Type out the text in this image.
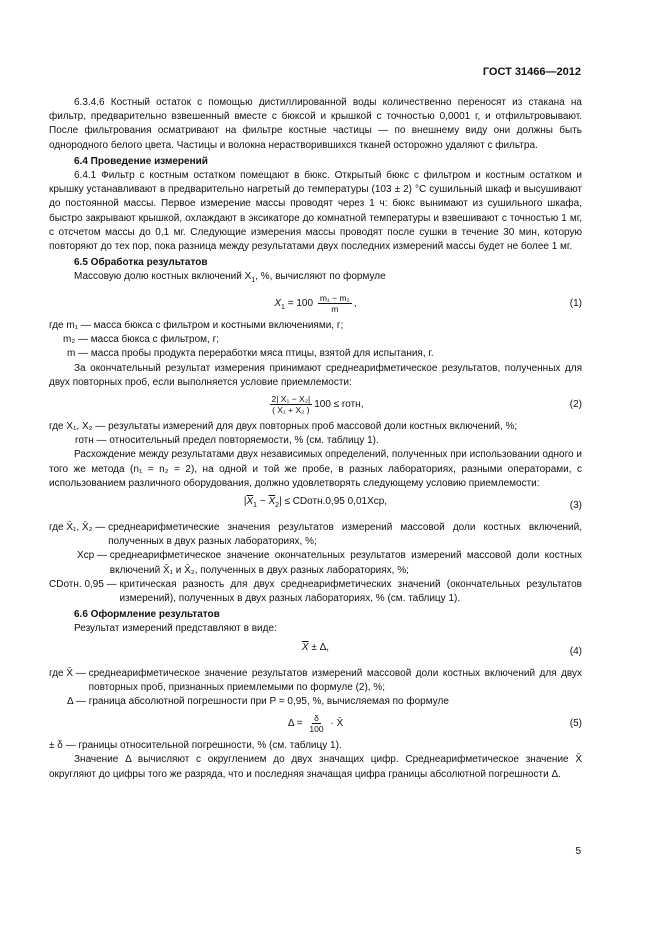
ГОСТ 31466—2012

6.3.4.6 Костный остаток с помощью дистиллированной воды количественно переносят из стакана на фильтр, предварительно взвешенный вместе с бюксой и крышкой с точностью 0,0001 г, и отфильтровывают. После фильтрования осматривают на фильтре костные частицы — по внешнему виду они должны быть однородного белого цвета. Частицы и волокна нерастворившихся тканей осторожно удаляют с фильтра.

6.4 Проведение измерений

6.4.1 Фильтр с костным остатком помещают в бюкс. Открытый бюкс с фильтром и костным остатком и крышку устанавливают в предварительно нагретый до температуры (103 ± 2) °С сушильный шкаф и высушивают до постоянной массы. Первое измерение массы проводят через 1 ч: бюкс вынимают из сушильного шкафа, быстро закрывают крышкой, охлаждают в эксикаторе до комнатной температуры и взвешивают с точностью 1 мг, с отсчетом массы до 0,1 мг. Следующие измерения массы проводят после сушки в течение 30 мин, которую повторяют до тех пор, пока разница между результатами двух последних измерений массы будет не более 1 мг.

6.5 Обработка результатов

Массовую долю костных включений $X_1$, %, вычисляют по формуле

$X_1 = 100 \frac{\text{m₁ − m₂}}{m}$ ,	(1)
где m₁ —
масса бюкса с фильтром и костными включениями, г;
m₂ —
масса бюкса с фильтром, г;
m —
масса пробы продукта переработки мяса птицы, взятой для испытания, г.

За окончательный результат измерения принимают среднеарифметическое результатов, полученных для двух повторных проб, если выполняется условие приемлемости:

$\frac{\text{2| X₁ − X₂|}}{\text{( X₁ + X₂ )}} 100$ ≤ rотн,	(2)
где X₁, X₂ —
результаты измерений для двух повторных проб массовой доли костных включений, %;
rотн —
относительный предел повторяемости, % (см. таблицу 1).

Расхождение между результатами двух независимых определений, полученных при использовании одного и того же метода (n₁ = n₂ = 2), на одной и той же пробе, в разных лабораториях, разными операторами, с использованием различного оборудования, должно удовлетворять следующему условию приемлемости:

$|\overline{X}_1 - \overline{X}_2|$ ≤ CDотн.0,95 0,01Xср,	(3)
где X̄₁, X̄₂ —
среднеарифметические значения результатов измерений массовой доли костных включений, полученных в двух разных лабораториях, %;
Xср —
среднеарифметическое значение окончательных результатов измерений массовой доли костных включений X̄₁ и X̄₂, полученных в двух разных лабораториях, %;
CDотн. 0,95 —
критическая разность для двух среднеарифметических значений (окончательных результатов измерений), полученных в двух разных лабораториях, % (см. таблицу 1).

6.6 Оформление результатов

Результат измерений представляют в виде:

$\overline{X} \pm \Delta$,	(4)
где X̄ —
среднеарифметическое значение результатов измерений массовой доли костных включений для двух повторных проб, признанных приемлемыми по формуле (2), %;
Δ —
граница абсолютной погрешности при P = 0,95, %, вычисляемая по формуле
$\Delta = \frac{\delta}{100}$ · X̄	(5)
± δ —
границы относительной погрешности, % (см. таблицу 1).

Значение Δ вычисляют с округлением до двух значащих цифр. Среднеарифметическое значение X̄ округляют до цифры того же разряда, что и последняя значащая цифра границы абсолютной погрешности Δ.

5
